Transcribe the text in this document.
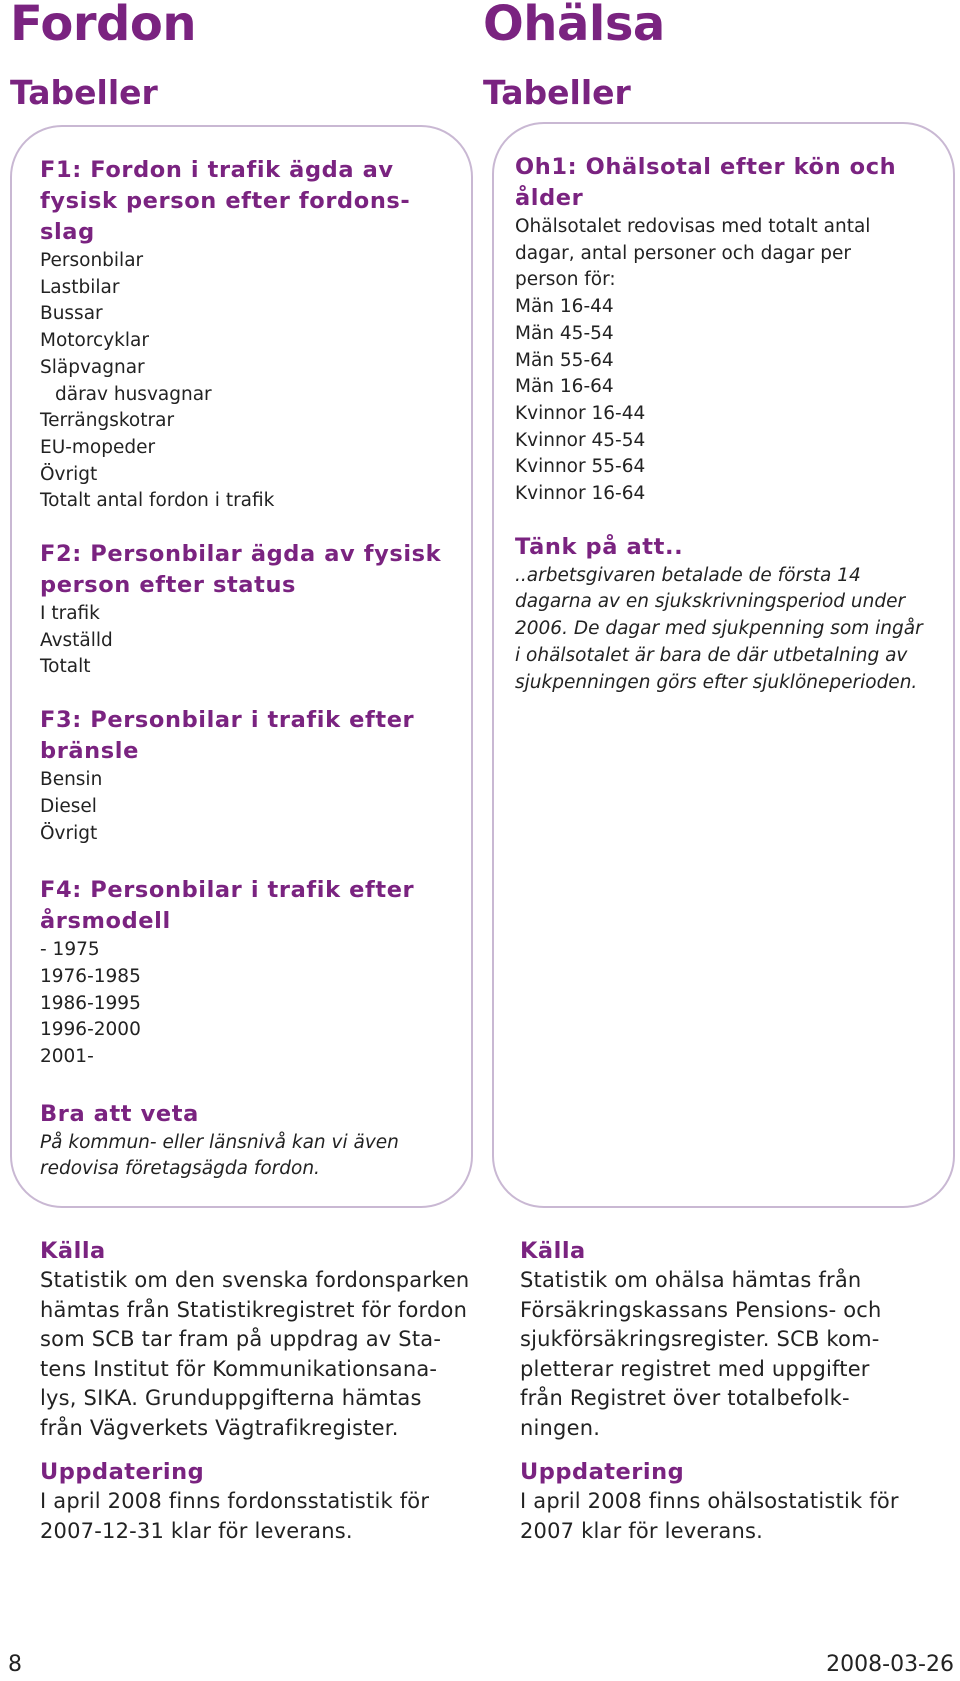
Fordon	Ohälsa
Tabeller	Tabeller

F1: Fordon i trafik ägda av
fysisk person efter fordons-
slag

Personbilar

Lastbilar

Bussar

Motorcyklar

Släpvagnar

därav husvagnar

Terrängskotrar

EU-mopeder

Övrigt

Totalt antal fordon i trafik

F2: Personbilar ägda av fysisk
person efter status

I trafik

Avställd

Totalt

F3: Personbilar i trafik efter
bränsle

Bensin

Diesel

Övrigt

F4: Personbilar i trafik efter
årsmodell

- 1975

1976-1985

1986-1995

1996-2000

2001-

Bra att veta

På kommun- eller länsnivå kan vi även
redovisa företagsägda fordon.

Oh1: Ohälsotal efter kön och
ålder

Ohälsotalet redovisas med totalt antal
dagar, antal personer och dagar per
person för:

Män 16-44

Män 45-54

Män 55-64

Män 16-64

Kvinnor 16-44

Kvinnor 45-54

Kvinnor 55-64

Kvinnor 16-64

Tänk på att..

..arbetsgivaren betalade de första 14
dagarna av en sjukskrivningsperiod under
2006. De dagar med sjukpenning som ingår
i ohälsotalet är bara de där utbetalning av
sjukpenningen görs efter sjuklöneperioden.

Källa

Statistik om den svenska fordonsparken
hämtas från Statistikregistret för fordon
som SCB tar fram på uppdrag av Sta-
tens Institut för Kommunikationsana-
lys, SIKA. Grunduppgifterna hämtas
från Vägverkets Vägtrafikregister.

Uppdatering

I april 2008 finns fordonsstatistik för
2007-12-31 klar för leverans.

Källa

Statistik om ohälsa hämtas från
Försäkringskassans Pensions- och
sjukförsäkringsregister. SCB kom-
pletterar registret med uppgifter
från Registret över totalbefolk-
ningen.

Uppdatering

I april 2008 finns ohälsostatistik för
2007 klar för leverans.

8	2008-03-26
